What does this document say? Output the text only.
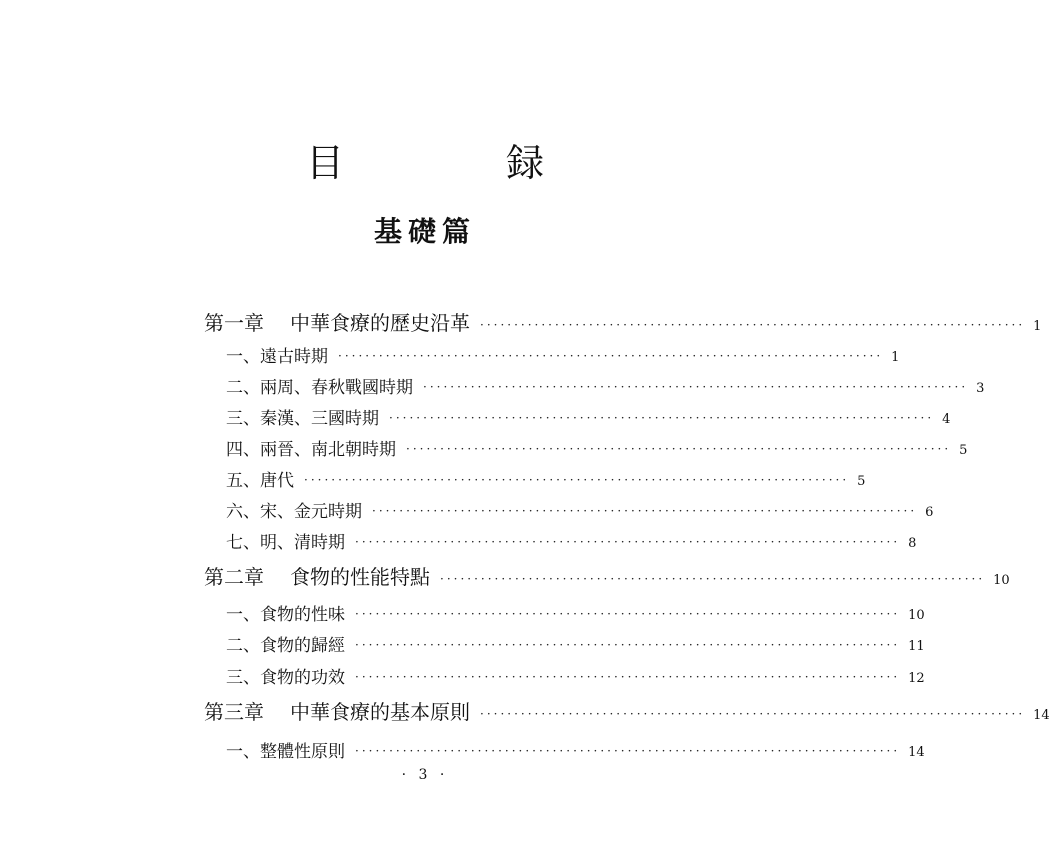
目　録
基礎篇
第一章 中華食療的歷史沿革 ················································································ 1
一、遠古時期 ················································································ 1
二、兩周、春秋戰國時期 ················································································ 3
三、秦漢、三國時期 ················································································ 4
四、兩晉、南北朝時期 ················································································ 5
五、唐代 ················································································ 5
六、宋、金元時期 ················································································ 6
七、明、清時期 ················································································ 8
第二章 食物的性能特點 ················································································ 10
一、食物的性味 ················································································ 10
二、食物的歸經 ················································································ 11
三、食物的功效 ················································································ 12
第三章 中華食療的基本原則 ················································································ 14
一、整體性原則 ················································································ 14
· 3 ·
